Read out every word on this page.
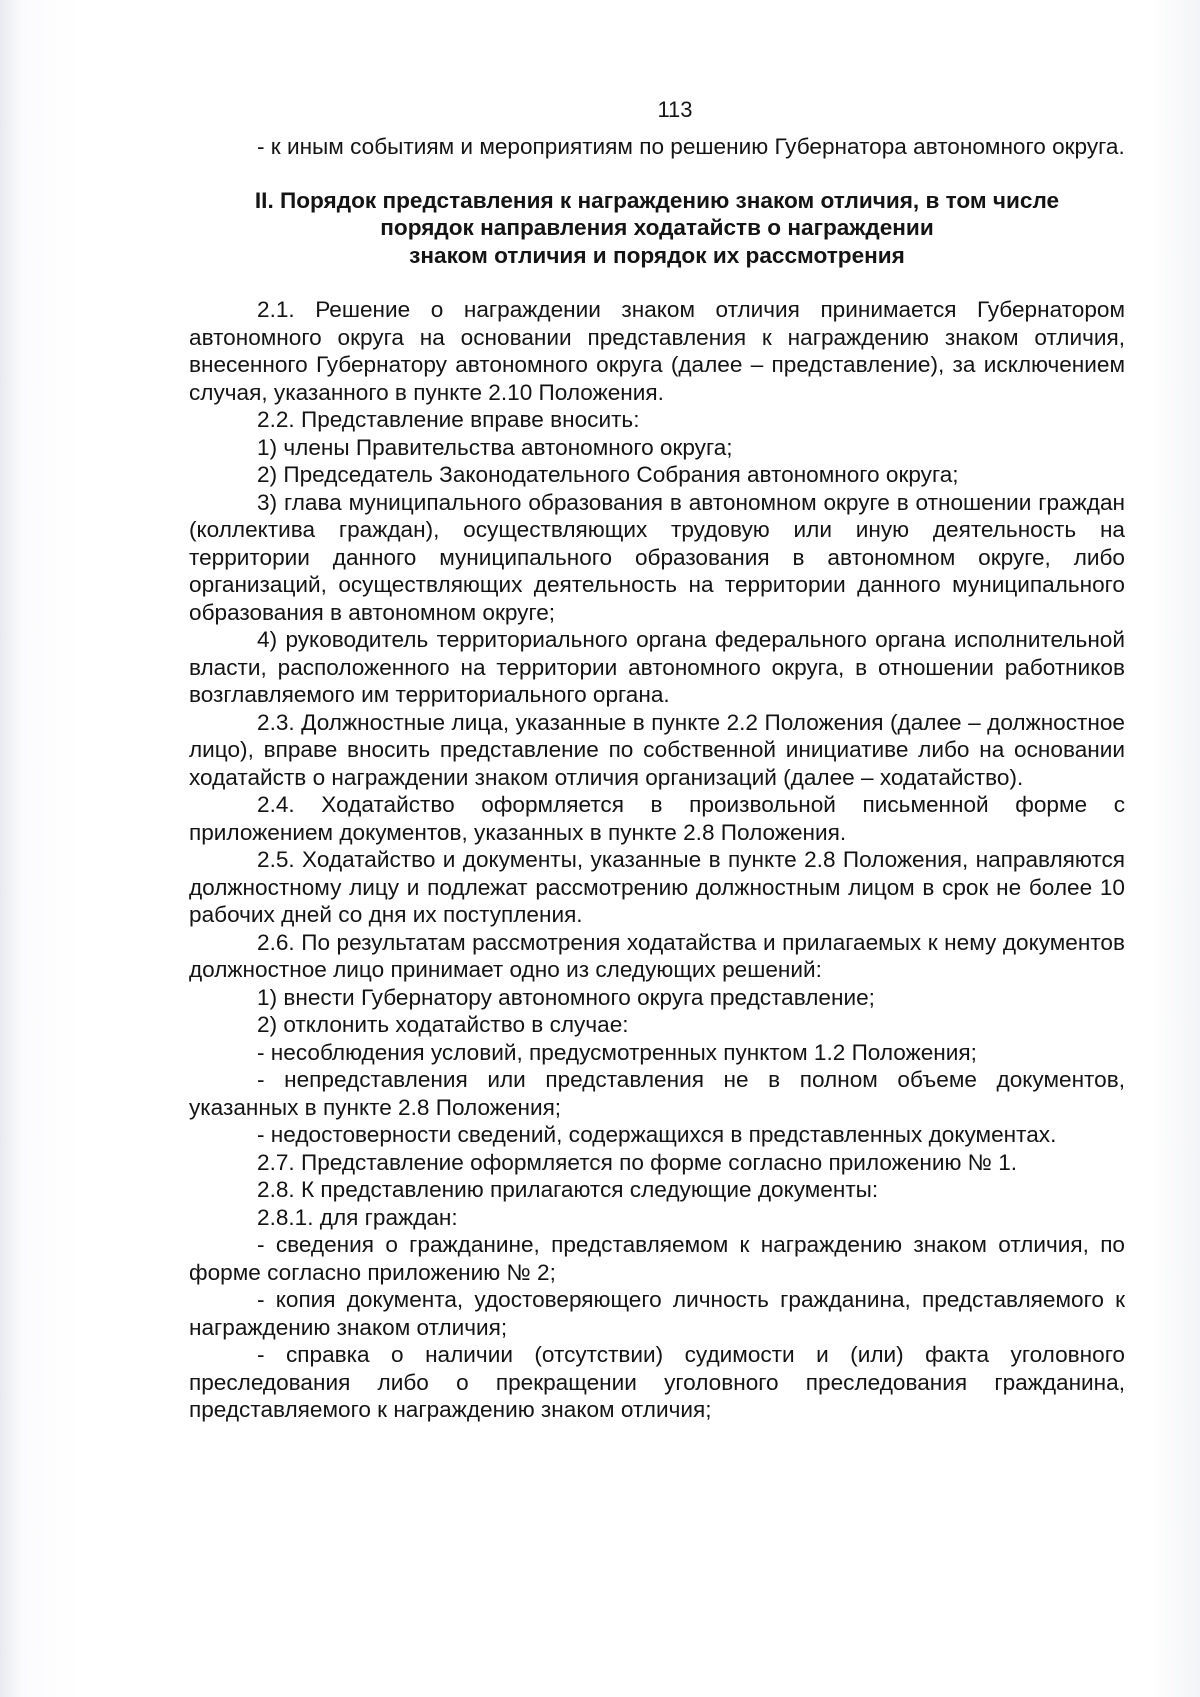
113

- к иным событиям и мероприятиям по решению Губернатора автономного округа.

II. Порядок представления к награждению знаком отличия, в том числе
порядок направления ходатайств о награждении
знаком отличия и порядок их рассмотрения

2.1. Решение о награждении знаком отличия принимается Губернатором автономного округа на основании представления к награждению знаком отличия, внесенного Губернатору автономного округа (далее – представление), за исключением случая, указанного в пункте 2.10 Положения.

2.2. Представление вправе вносить:

1) члены Правительства автономного округа;

2) Председатель Законодательного Собрания автономного округа;

3) глава муниципального образования в автономном округе в отношении граждан (коллектива граждан), осуществляющих трудовую или иную деятельность на территории данного муниципального образования в автономном округе, либо организаций, осуществляющих деятельность на территории данного муниципального образования в автономном округе;

4) руководитель территориального органа федерального органа исполнительной власти, расположенного на территории автономного округа, в отношении работников возглавляемого им территориального органа.

2.3. Должностные лица, указанные в пункте 2.2 Положения (далее – должностное лицо), вправе вносить представление по собственной инициативе либо на основании ходатайств о награждении знаком отличия организаций (далее – ходатайство).

2.4. Ходатайство оформляется в произвольной письменной форме с приложением документов, указанных в пункте 2.8 Положения.

2.5. Ходатайство и документы, указанные в пункте 2.8 Положения, направляются должностному лицу и подлежат рассмотрению должностным лицом в срок не более 10 рабочих дней со дня их поступления.

2.6. По результатам рассмотрения ходатайства и прилагаемых к нему документов должностное лицо принимает одно из следующих решений:

1) внести Губернатору автономного округа представление;

2) отклонить ходатайство в случае:

- несоблюдения условий, предусмотренных пунктом 1.2 Положения;

- непредставления или представления не в полном объеме документов, указанных в пункте 2.8 Положения;

- недостоверности сведений, содержащихся в представленных документах.

2.7. Представление оформляется по форме согласно приложению № 1.

2.8. К представлению прилагаются следующие документы:

2.8.1. для граждан:

- сведения о гражданине, представляемом к награждению знаком отличия, по форме согласно приложению № 2;

- копия документа, удостоверяющего личность гражданина, представляемого к награждению знаком отличия;

- справка о наличии (отсутствии) судимости и (или) факта уголовного преследования либо о прекращении уголовного преследования гражданина, представляемого к награждению знаком отличия;
